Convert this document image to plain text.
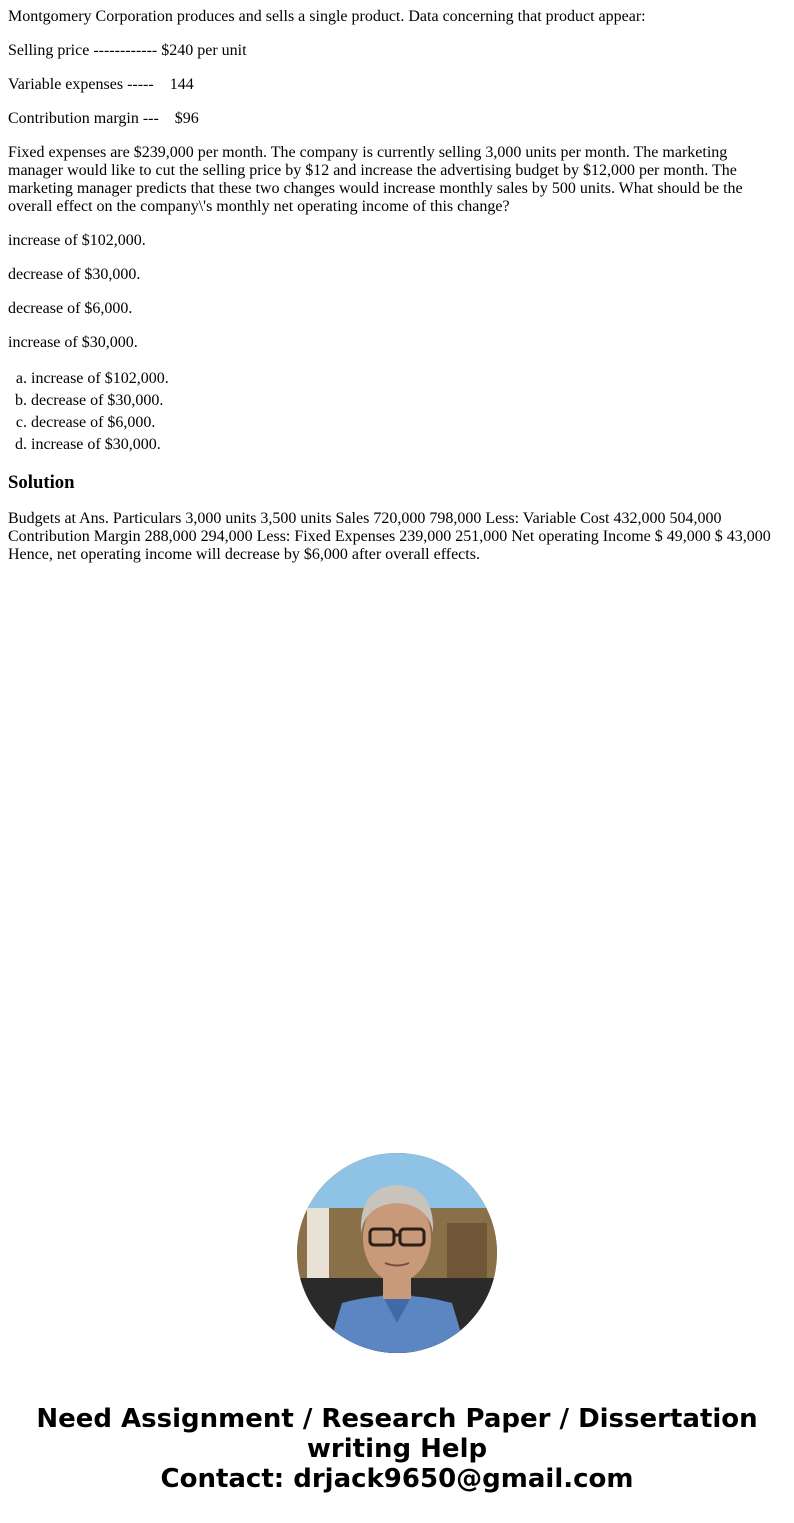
Montgomery Corporation produces and sells a single product. Data concerning that product appear:

Selling price ------------ $240 per unit

Variable expenses -----    144

Contribution margin ---    $96

Fixed expenses are $239,000 per month. The company is currently selling 3,000 units per month. The marketing manager would like to cut the selling price by $12 and increase the advertising budget by $12,000 per month. The marketing manager predicts that these two changes would increase monthly sales by 500 units. What should be the overall effect on the company\'s monthly net operating income of this change?

increase of $102,000.

decrease of $30,000.

decrease of $6,000.

increase of $30,000.

a. increase of $102,000.
b. decrease of $30,000.
c. decrease of $6,000.
d. increase of $30,000.
Solution

Budgets at Ans. Particulars 3,000 units 3,500 units Sales 720,000 798,000 Less: Variable Cost 432,000 504,000 Contribution Margin 288,000 294,000 Less: Fixed Expenses 239,000 251,000 Net operating Income $ 49,000 $ 43,000 Hence, net operating income will decrease by $6,000 after overall effects.

Need Assignment / Research Paper / Dissertation
writing Help
Contact: drjack9650@gmail.com
